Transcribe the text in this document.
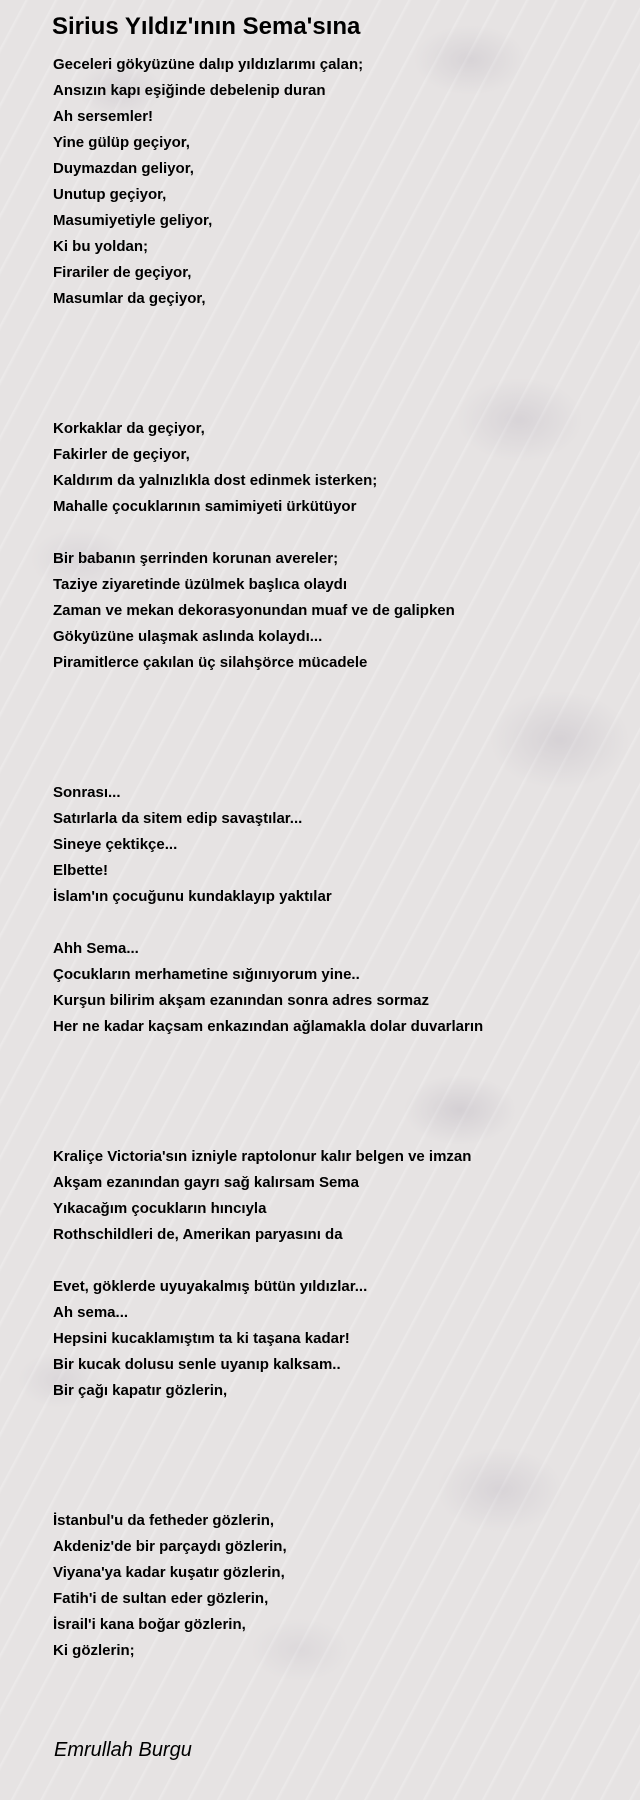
Sirius Yıldız'ının Sema'sına
Geceleri gökyüzüne dalıp yıldızlarımı çalan;
Ansızın kapı eşiğinde debelenip duran
Ah sersemler!
Yine gülüp geçiyor,
Duymazdan geliyor,
Unutup geçiyor,
Masumiyetiyle geliyor,
Ki bu yoldan;
Firariler de geçiyor,
Masumlar da geçiyor,
Korkaklar da geçiyor,
Fakirler de geçiyor,
Kaldırım da yalnızlıkla dost edinmek isterken;
Mahalle çocuklarının samimiyeti ürkütüyor
Bir babanın şerrinden korunan avereler;
Taziye ziyaretinde üzülmek başlıca olaydı
Zaman ve mekan dekorasyonundan muaf ve de galipken
Gökyüzüne ulaşmak aslında kolaydı...
Piramitlerce çakılan üç silahşörce mücadele
Sonrası...
Satırlarla da sitem edip savaştılar...
Sineye çektikçe...
Elbette!
İslam'ın çocuğunu kundaklayıp yaktılar
Ahh Sema...
Çocukların merhametine sığınıyorum yine..
Kurşun bilirim akşam ezanından sonra adres sormaz
Her ne kadar kaçsam enkazından ağlamakla dolar duvarların
Kraliçe Victoria'sın izniyle raptolonur kalır belgen ve imzan
Akşam ezanından gayrı sağ kalırsam Sema
Yıkacağım çocukların hıncıyla
Rothschildleri de, Amerikan paryasını da
Evet, göklerde uyuyakalmış bütün yıldızlar...
Ah sema...
Hepsini kucaklamıştım ta ki taşana kadar!
Bir kucak dolusu senle uyanıp kalksam..
Bir çağı kapatır gözlerin,
İstanbul'u da fetheder gözlerin,
Akdeniz'de bir parçaydı gözlerin,
Viyana'ya kadar kuşatır gözlerin,
Fatih'i de sultan eder gözlerin,
İsrail'i kana boğar gözlerin,
Ki gözlerin;
Emrullah Burgu
